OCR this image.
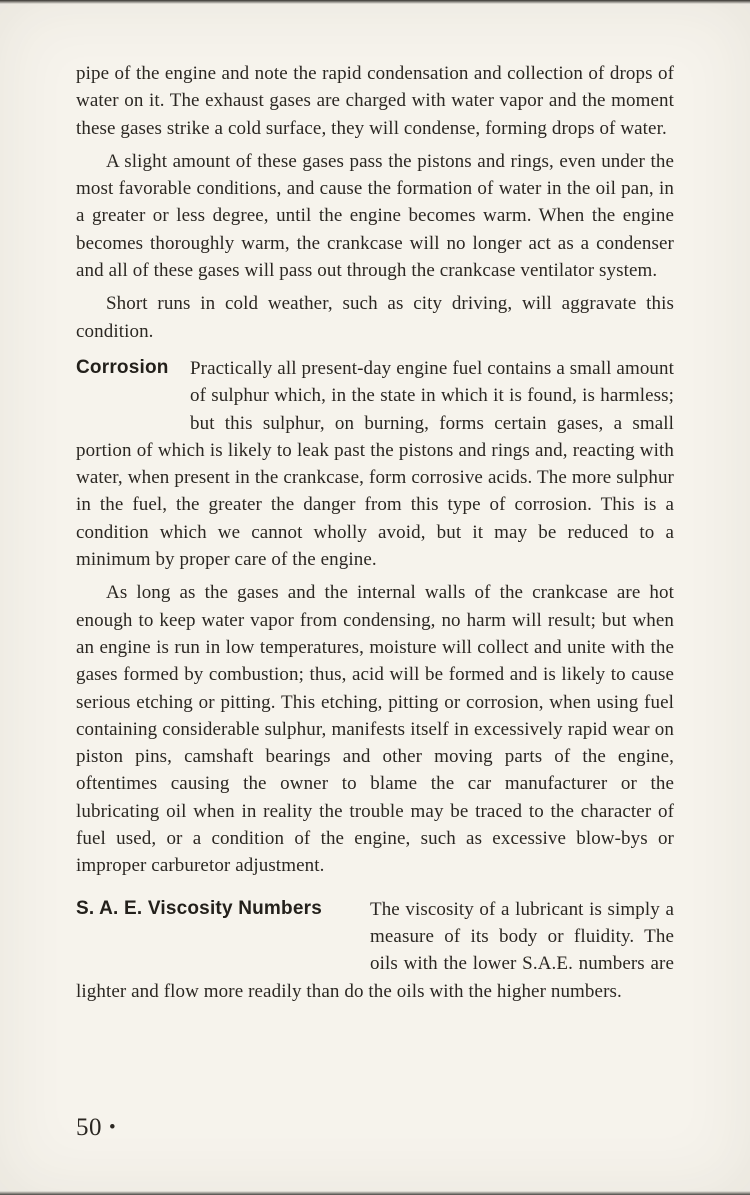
pipe of the engine and note the rapid condensation and collection of drops of water on it. The exhaust gases are charged with water vapor and the moment these gases strike a cold surface, they will condense, forming drops of water.

A slight amount of these gases pass the pistons and rings, even under the most favorable conditions, and cause the formation of water in the oil pan, in a greater or less degree, until the engine becomes warm. When the engine becomes thoroughly warm, the crankcase will no longer act as a condenser and all of these gases will pass out through the crankcase ventilator system.

Short runs in cold weather, such as city driving, will aggravate this condition.

Corrosion	Practically all present-day engine fuel contains a small amount of sulphur which, in the state in which it is found, is harmless; but this sulphur, on burning, forms certain gases, a small portion of which is likely to leak past the pistons and rings and, reacting with water, when present in the crankcase, form corrosive acids. The more sulphur in the fuel, the greater the danger from this type of corrosion. This is a condition which we cannot wholly avoid, but it may be reduced to a minimum by proper care of the engine.

As long as the gases and the internal walls of the crankcase are hot enough to keep water vapor from condensing, no harm will result; but when an engine is run in low temperatures, moisture will collect and unite with the gases formed by combustion; thus, acid will be formed and is likely to cause serious etching or pitting. This etching, pitting or corrosion, when using fuel containing considerable sulphur, manifests itself in excessively rapid wear on piston pins, camshaft bearings and other moving parts of the engine, oftentimes causing the owner to blame the car manufacturer or the lubricating oil when in reality the trouble may be traced to the character of fuel used, or a condition of the engine, such as excessive blow-bys or improper carburetor adjustment.

S. A. E. Viscosity Numbers	The viscosity of a lubricant is simply a measure of its body or fluidity. The oils with the lower S.A.E. numbers are lighter and flow more readily than do the oils with the higher numbers.

50 •
